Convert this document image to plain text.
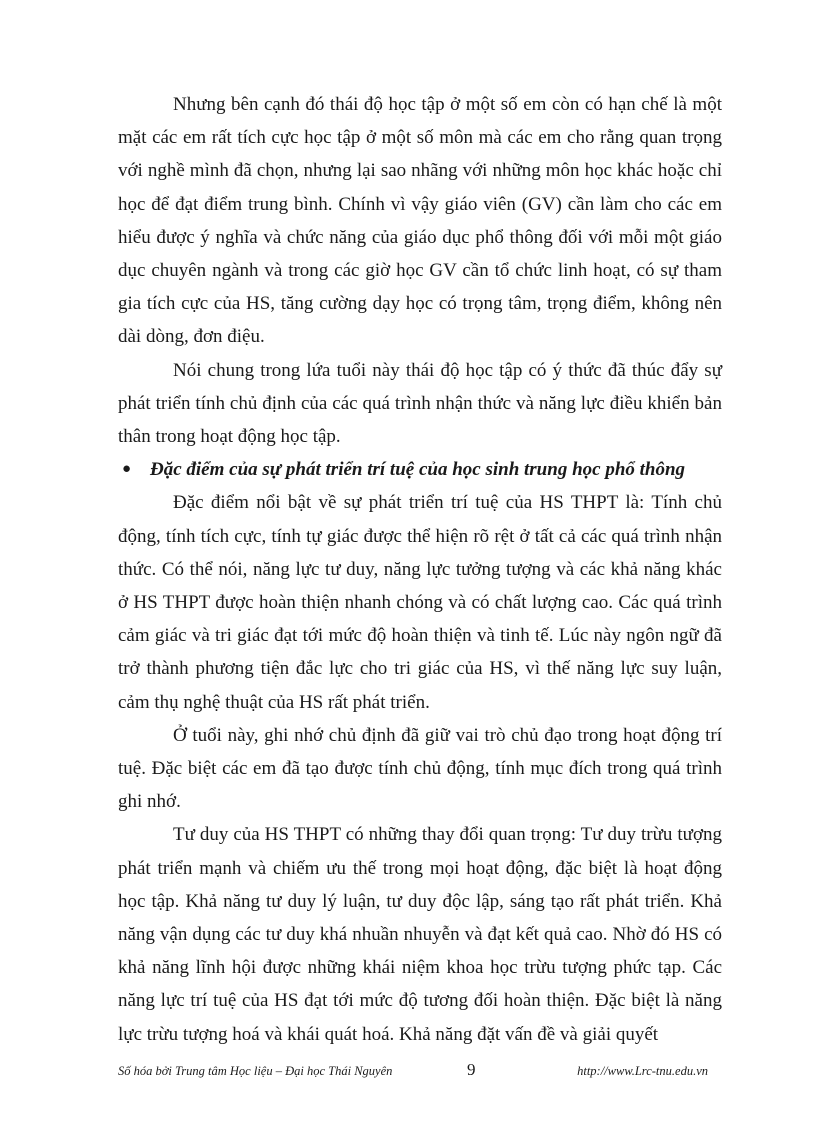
Nhưng bên cạnh đó thái độ học tập ở một số em còn có hạn chế là một mặt các em rất tích cực học tập ở một số môn mà các em cho rằng quan trọng với nghề mình đã chọn, nhưng lại sao nhãng với những môn học khác hoặc chỉ học để đạt điểm trung bình. Chính vì vậy giáo viên (GV) cần làm cho các em hiểu được ý nghĩa và chức năng của giáo dục phổ thông đối với mỗi một giáo dục chuyên ngành và trong các giờ học GV cần tổ chức linh hoạt, có sự tham gia tích cực của HS, tăng cường dạy học có trọng tâm, trọng điểm, không nên dài dòng, đơn điệu.

Nói chung trong lứa tuổi này thái độ học tập có ý thức đã thúc đẩy sự phát triển tính chủ định của các quá trình nhận thức và năng lực điều khiển bản thân trong hoạt động học tập.

● Đặc điểm của sự phát triển trí tuệ của học sinh trung học phổ thông

Đặc điểm nổi bật về sự phát triển trí tuệ của HS THPT là: Tính chủ động, tính tích cực, tính tự giác được thể hiện rõ rệt ở tất cả các quá trình nhận thức. Có thể nói, năng lực tư duy, năng lực tưởng tượng và các khả năng khác ở HS THPT được hoàn thiện nhanh chóng và có chất lượng cao. Các quá trình cảm giác và tri giác đạt tới mức độ hoàn thiện và tinh tế. Lúc này ngôn ngữ đã trở thành phương tiện đắc lực cho tri giác của HS, vì thế năng lực suy luận, cảm thụ nghệ thuật của HS rất phát triển.

Ở tuổi này, ghi nhớ chủ định đã giữ vai trò chủ đạo trong hoạt động trí tuệ. Đặc biệt các em đã tạo được tính chủ động, tính mục đích trong quá trình ghi nhớ.

Tư duy của HS THPT có những thay đổi quan trọng: Tư duy trừu tượng phát triển mạnh và chiếm ưu thế trong mọi hoạt động, đặc biệt là hoạt động học tập. Khả năng tư duy lý luận, tư duy độc lập, sáng tạo rất phát triển. Khả năng vận dụng các tư duy khá nhuần nhuyễn và đạt kết quả cao. Nhờ đó HS có khả năng lĩnh hội được những khái niệm khoa học trừu tượng phức tạp. Các năng lực trí tuệ của HS đạt tới mức độ tương đối hoàn thiện. Đặc biệt là năng lực trừu tượng hoá và khái quát hoá. Khả năng đặt vấn đề và giải quyết

Số hóa bởi Trung tâm Học liệu – Đại học Thái Nguyên	9	http://www.Lrc-tnu.edu.vn
